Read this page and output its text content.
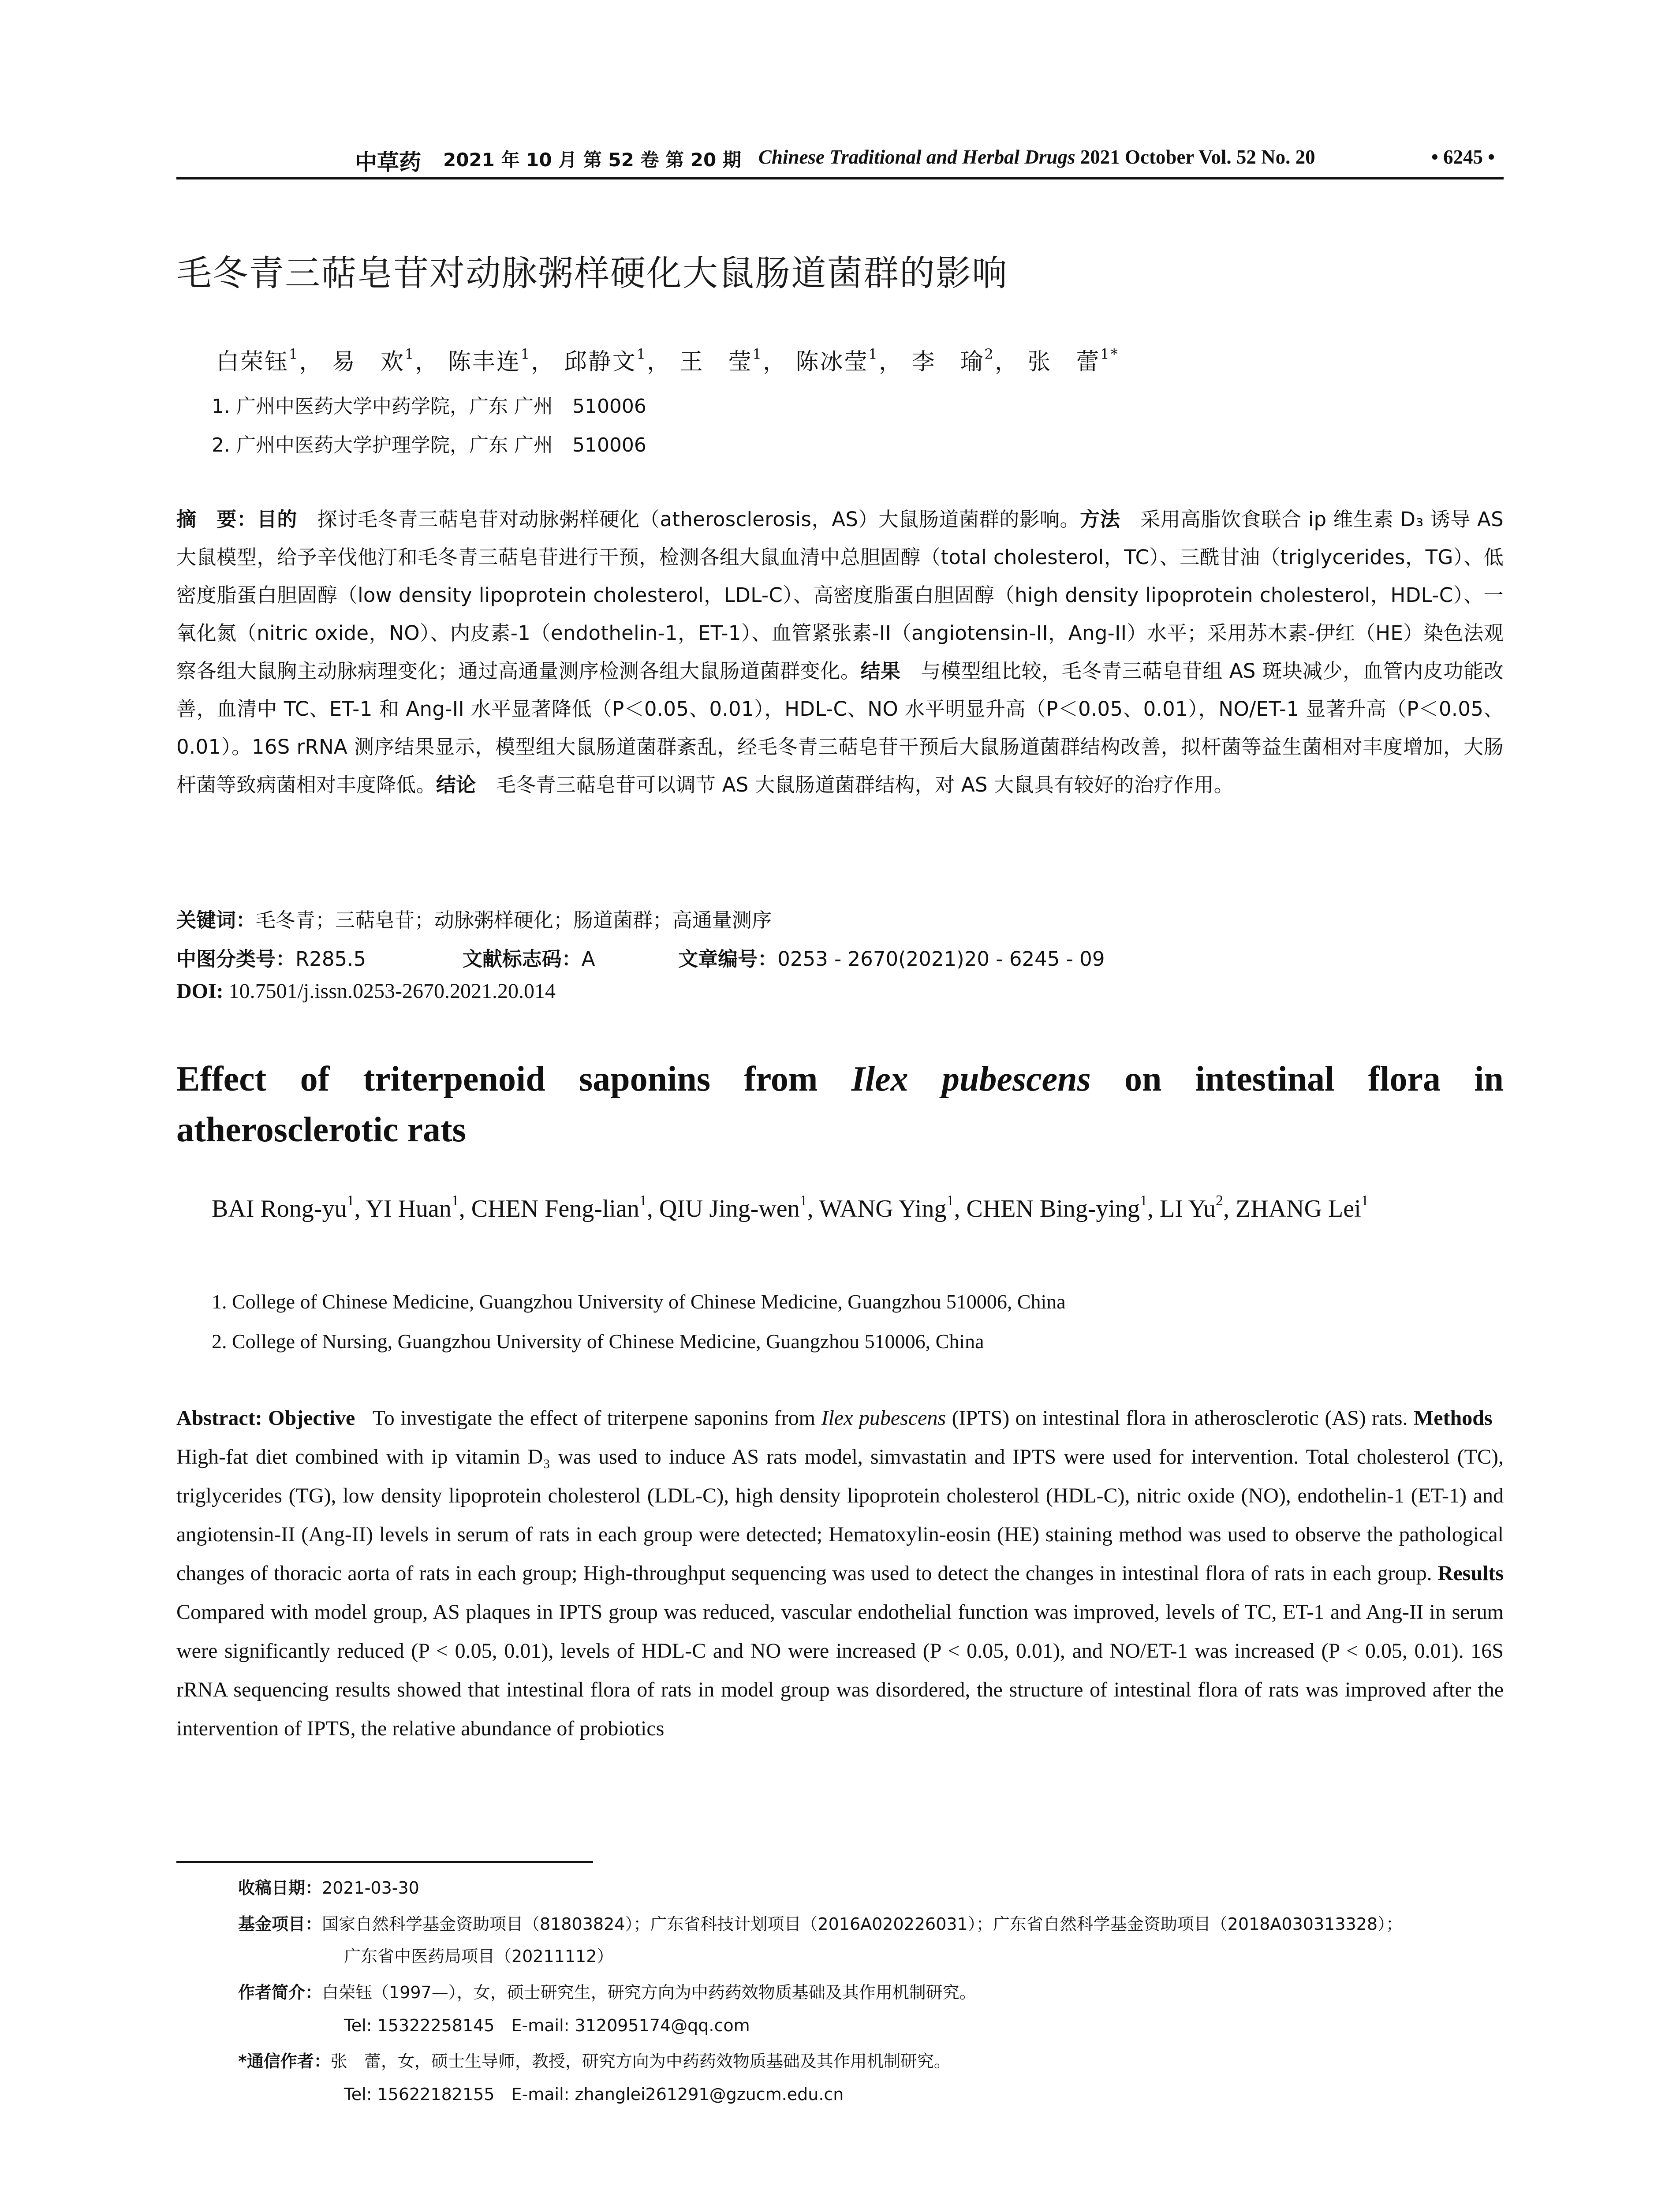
中草药 2021 年 10 月 第 52 卷 第 20 期 Chinese Traditional and Herbal Drugs 2021 October Vol. 52 No. 20	• 6245 •
毛冬青三萜皂苷对动脉粥样硬化大鼠肠道菌群的影响
白荣钰$^1$， 易　欢$^1$， 陈丰连$^1$， 邱静文$^1$， 王　莹$^1$， 陈冰莹$^1$， 李　瑜$^2$， 张　蕾$^{1*}$
1. 广州中医药大学中药学院，广东 广州　510006
2. 广州中医药大学护理学院，广东 广州　510006
摘　要：目的　探讨毛冬青三萜皂苷对动脉粥样硬化（atherosclerosis，AS）大鼠肠道菌群的影响。方法　采用高脂饮食联合 ip 维生素 D₃ 诱导 AS 大鼠模型，给予辛伐他汀和毛冬青三萜皂苷进行干预，检测各组大鼠血清中总胆固醇（total cholesterol，TC）、三酰甘油（triglycerides，TG）、低密度脂蛋白胆固醇（low density lipoprotein cholesterol，LDL-C）、高密度脂蛋白胆固醇（high density lipoprotein cholesterol，HDL-C）、一氧化氮（nitric oxide，NO）、内皮素-1（endothelin-1，ET-1）、血管紧张素-II（angiotensin-II，Ang-II）水平；采用苏木素-伊红（HE）染色法观察各组大鼠胸主动脉病理变化；通过高通量测序检测各组大鼠肠道菌群变化。结果　与模型组比较，毛冬青三萜皂苷组 AS 斑块减少，血管内皮功能改善，血清中 TC、ET-1 和 Ang-II 水平显著降低（P＜0.05、0.01），HDL-C、NO 水平明显升高（P＜0.05、0.01），NO/ET-1 显著升高（P＜0.05、0.01）。16S rRNA 测序结果显示，模型组大鼠肠道菌群紊乱，经毛冬青三萜皂苷干预后大鼠肠道菌群结构改善，拟杆菌等益生菌相对丰度增加，大肠杆菌等致病菌相对丰度降低。结论　毛冬青三萜皂苷可以调节 AS 大鼠肠道菌群结构，对 AS 大鼠具有较好的治疗作用。
关键词：毛冬青；三萜皂苷；动脉粥样硬化；肠道菌群；高通量测序
中图分类号：R285.5	文献标志码：A	文章编号：0253 - 2670(2021)20 - 6245 - 09
DOI: 10.7501/j.issn.0253-2670.2021.20.014
Effect of triterpenoid saponins from Ilex pubescens on intestinal flora in
atherosclerotic rats
BAI Rong-$yu^1$, YI Huan$^1$, CHEN Feng-lian$^1$, QIU Jing-wen$^1$, WANG Ying$^1$, CHEN Bing-ying$^1$, LI Yu$^2$, ZHANG Lei$^1$
1. College of Chinese Medicine, Guangzhou University of Chinese Medicine, Guangzhou 510006, China
2. College of Nursing, Guangzhou University of Chinese Medicine, Guangzhou 510006, China
Abstract: Objective To investigate the effect of triterpene saponins from Ilex pubescens (IPTS) on intestinal flora in atherosclerotic (AS) rats. Methods   High-fat diet combined with ip vitamin D₃ was used to induce AS rats model, simvastatin and IPTS were used for intervention. Total cholesterol (TC), triglycerides (TG), low density lipoprotein cholesterol (LDL-C), high density lipoprotein cholesterol (HDL-C), nitric oxide (NO), endothelin-1 (ET-1) and angiotensin-II (Ang-II) levels in serum of rats in each group were detected; Hematoxylin-eosin (HE) staining method was used to observe the pathological changes of thoracic aorta of rats in each group; High-throughput sequencing was used to detect the changes in intestinal flora of rats in each group. Results Compared with model group, AS plaques in IPTS group was reduced, vascular endothelial function was improved, levels of TC, ET-1 and Ang-II in serum were significantly reduced (P < 0.05, 0.01), levels of HDL-C and NO were increased (P < 0.05, 0.01), and NO/ET-1 was increased (P < 0.05, 0.01). 16S rRNA sequencing results showed that intestinal flora of rats in model group was disordered, the structure of intestinal flora of rats was improved after the intervention of IPTS, the relative abundance of probiotics
收稿日期：2021-03-30
基金项目：国家自然科学基金资助项目（81803824）；广东省科技计划项目（2016A020226031）；广东省自然科学基金资助项目（2018A030313328）；
广东省中医药局项目（20211112）
作者简介：白荣钰（1997—），女，硕士研究生，研究方向为中药药效物质基础及其作用机制研究。
Tel: 15322258145　E-mail: 312095174@qq.com
*通信作者：张　蕾，女，硕士生导师，教授，研究方向为中药药效物质基础及其作用机制研究。
Tel: 15622182155　E-mail: zhanglei261291@gzucm.edu.cn
